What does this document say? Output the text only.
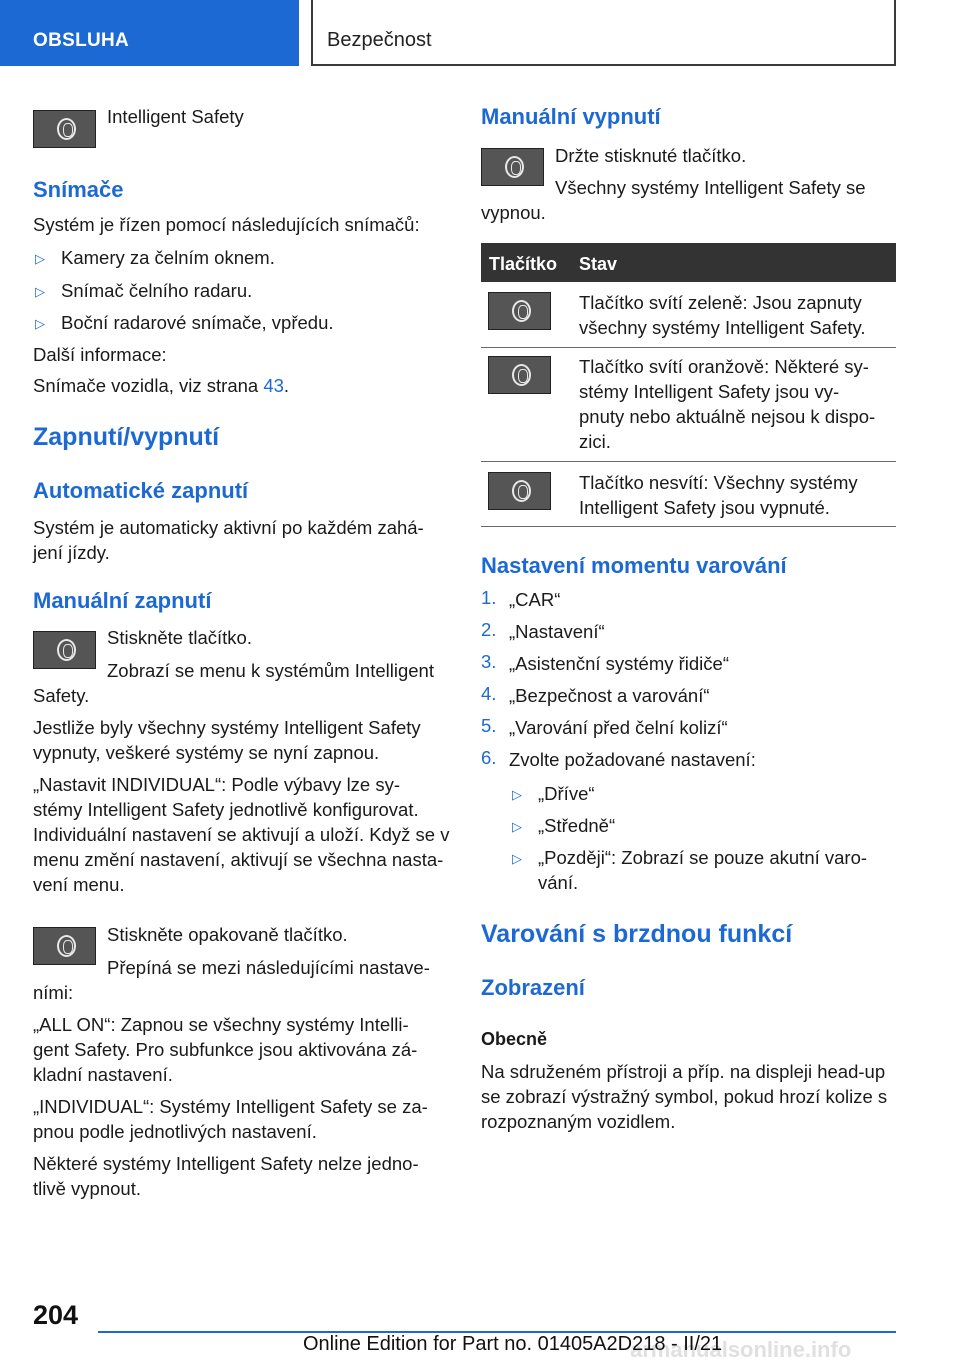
OBSLUHA	Bezpečnost
Intelligent Safety
Snímače
Systém je řízen pomocí následujících snímačů:
▷ Kamery za čelním oknem.
▷ Snímač čelního radaru.
▷ Boční radarové snímače, vpředu.
Další informace:
Snímače vozidla, viz strana 43.
Zapnutí/vypnutí
Automatické zapnutí
Systém je automaticky aktivní po každém zahá-
jení jízdy.
Manuální zapnutí
Stiskněte tlačítko.
Zobrazí se menu k systémům Intelligent
Safety.
Jestliže byly všechny systémy Intelligent Safety
vypnuty, veškeré systémy se nyní zapnou.
„Nastavit INDIVIDUAL“: Podle výbavy lze sy-
stémy Intelligent Safety jednotlivě konfigurovat.
Individuální nastavení se aktivují a uloží. Když se v
menu změní nastavení, aktivují se všechna nasta-
vení menu.
Stiskněte opakovaně tlačítko.
Přepíná se mezi následujícími nastave-
ními:
„ALL ON“: Zapnou se všechny systémy Intelli-
gent Safety. Pro subfunkce jsou aktivována zá-
kladní nastavení.
„INDIVIDUAL“: Systémy Intelligent Safety se za-
pnou podle jednotlivých nastavení.
Některé systémy Intelligent Safety nelze jedno-
tlivě vypnout.
Manuální vypnutí
Držte stisknuté tlačítko.
Všechny systémy Intelligent Safety se
vypnou.
Tlačítko Stav
Tlačítko svítí zeleně: Jsou zapnuty
všechny systémy Intelligent Safety.
Tlačítko svítí oranžově: Některé sy-
stémy Intelligent Safety jsou vy-
pnuty nebo aktuálně nejsou k dispo-
zici.
Tlačítko nesvítí: Všechny systémy
Intelligent Safety jsou vypnuté.
Nastavení momentu varování
1. „CAR“
2. „Nastavení“
3. „Asistenční systémy řidiče“
4. „Bezpečnost a varování“
5. „Varování před čelní kolizí“
6. Zvolte požadované nastavení:
▷ „Dříve“
▷ „Středně“
▷ „Později“: Zobrazí se pouze akutní varo-
vání.
Varování s brzdnou funkcí
Zobrazení
Obecně
Na sdruženém přístroji a příp. na displeji head-up
se zobrazí výstražný symbol, pokud hrozí kolize s
rozpoznaným vozidlem.
204
armanualsonline.info
Online Edition for Part no. 01405A2D218 - II/21
